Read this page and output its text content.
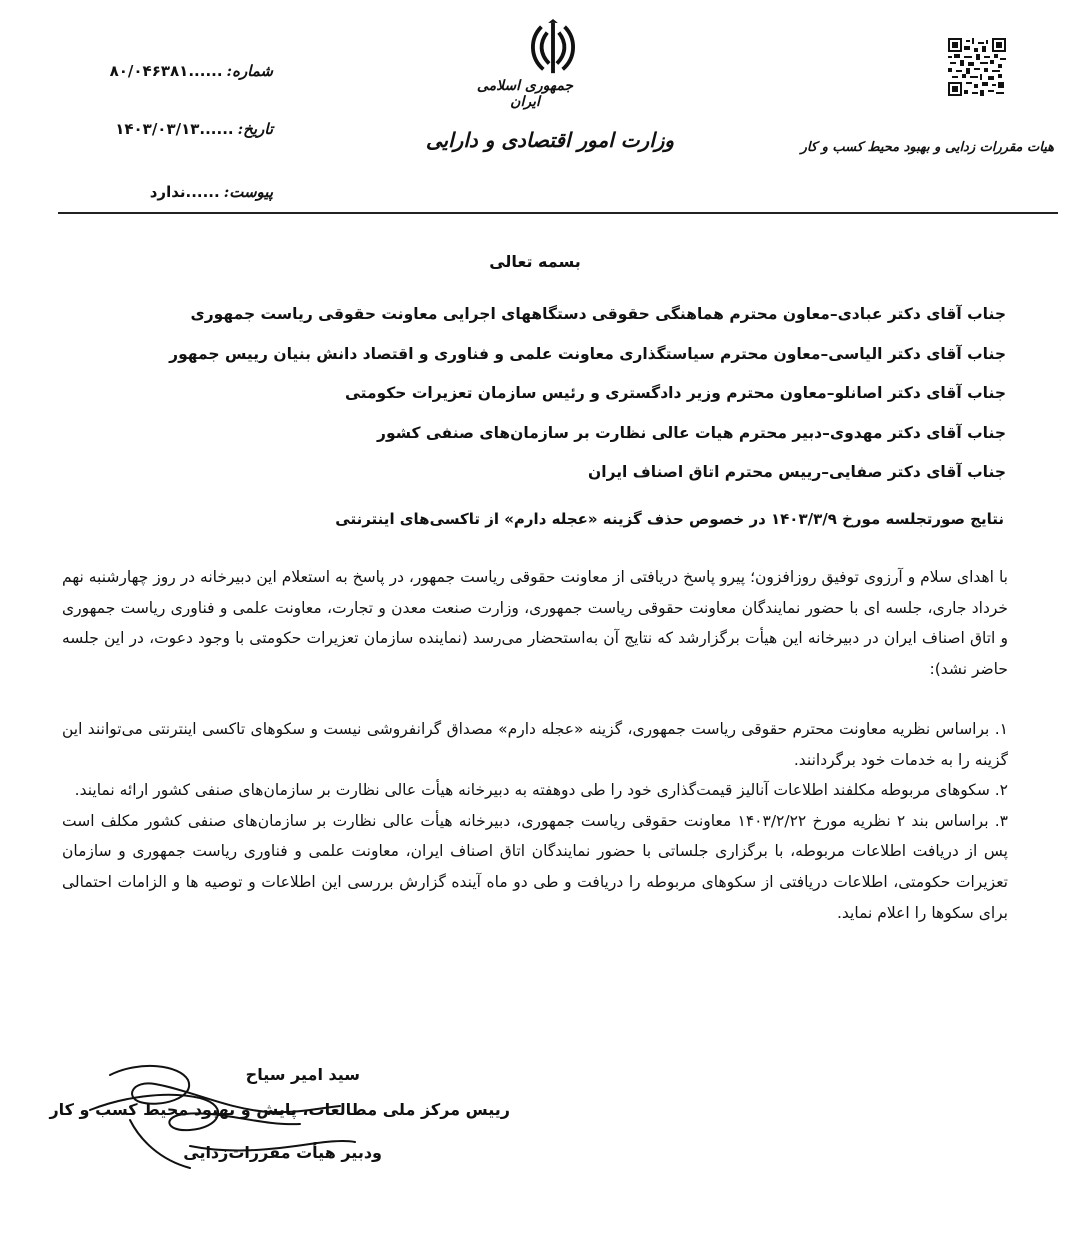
جمهوری اسلامی ایران
وزارت امور اقتصادی و دارایی	هیات مقررات زدایی و بهبود محیط کسب و کار
شماره:......۸۰/۰۴۶۳۸۱
تاریخ:......۱۴۰۳/۰۳/۱۳
پیوست:......ندارد
بسمه تعالی
جناب آقای دکتر عبادی–معاون محترم هماهنگی حقوقی دستگاههای اجرایی معاونت حقوقی ریاست جمهوری
جناب آقای دکتر الیاسی–معاون محترم سیاستگذاری معاونت علمی و فناوری و اقتصاد دانش بنیان رییس جمهور
جناب آقای دکتر اصانلو–معاون محترم وزیر دادگستری و رئیس سازمان تعزیرات حکومتی
جناب آقای دکتر مهدوی–دبیر محترم هیات عالی نظارت بر سازمان‌های صنفی کشور
جناب آقای دکتر صفایی–رییس محترم اتاق اصناف ایران
نتایج صورتجلسه مورخ ۱۴۰۳/۳/۹ در خصوص حذف گزینه «عجله دارم» از تاکسی‌های اینترنتی

با اهدای سلام و آرزوی توفیق روزافزون؛ پیرو پاسخ دریافتی از معاونت حقوقی ریاست جمهور، در پاسخ به استعلام این دبیرخانه در روز چهارشنبه نهم خرداد جاری، جلسه ای با حضور نمایندگان معاونت حقوقی ریاست جمهوری، وزارت صنعت معدن و تجارت، معاونت علمی و فناوری ریاست جمهوری و اتاق اصناف ایران در دبیرخانه این هیأت برگزارشد که نتایج آن به‌استحضار می‌رسد (نماینده سازمان تعزیرات حکومتی با وجود دعوت، در این جلسه حاضر نشد):

۱. براساس نظریه معاونت محترم حقوقی ریاست جمهوری، گزینه «عجله دارم» مصداق گرانفروشی نیست و سکوهای تاکسی اینترنتی می‌توانند این گزینه را به خدمات خود برگردانند.
۲. سکوهای مربوطه مکلفند اطلاعات آنالیز قیمت‌گذاری خود را طی دوهفته به دبیرخانه هیأت عالی نظارت بر سازمان‌های صنفی کشور ارائه نمایند.
۳. براساس بند ۲ نظریه مورخ ۱۴۰۳/۲/۲۲ معاونت حقوقی ریاست جمهوری، دبیرخانه هیأت عالی نظارت بر سازمان‌های صنفی کشور مکلف است پس از دریافت اطلاعات مربوطه، با برگزاری جلساتی با حضور نمایندگان اتاق اصناف ایران، معاونت علمی و فناوری ریاست جمهوری و سازمان تعزیرات حکومتی، اطلاعات دریافتی از سکوهای مربوطه را دریافت و طی دو ماه آینده گزارش بررسی این اطلاعات و توصیه ها و الزامات احتمالی برای سکوها را اعلام نماید.
سید امیر سیاح
رییس مرکز ملی مطالعات، پایش و بهبود محیط کسب و کار
ودبیر هیأت مقررات‌زدایی
